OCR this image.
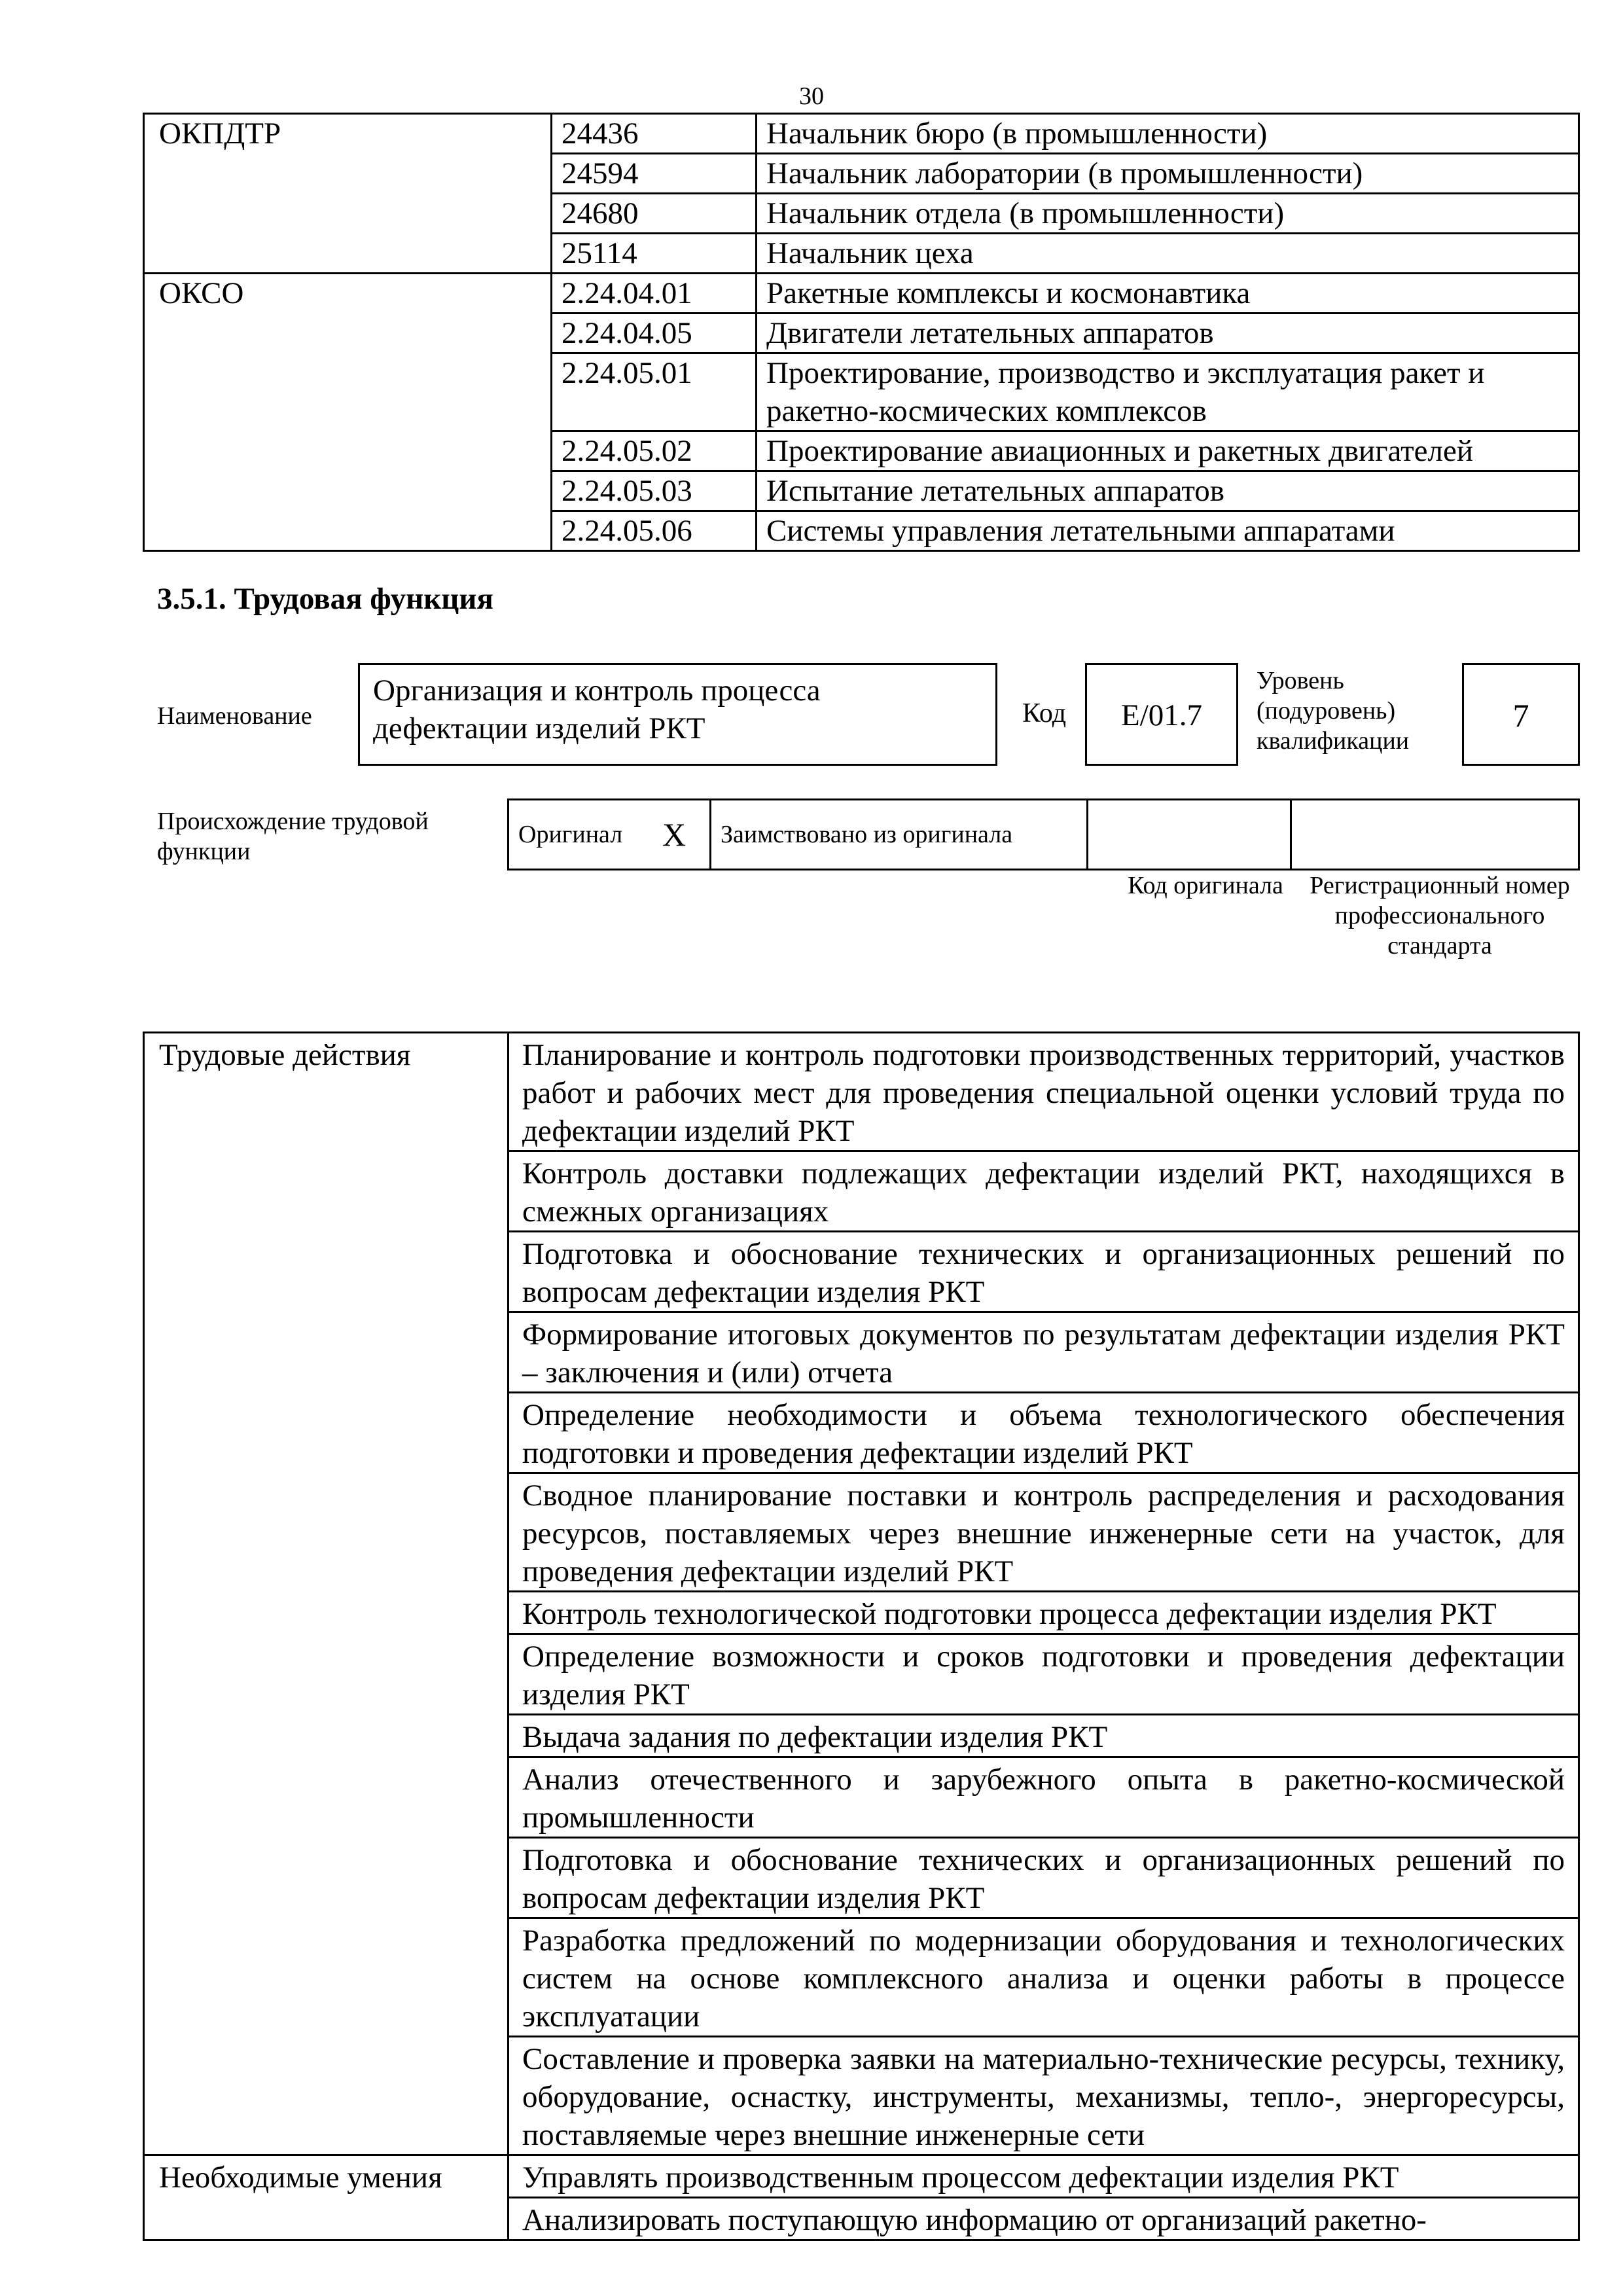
30
ОКПДТР	24436	Начальник бюро (в промышленности)
	24594	Начальник лаборатории (в промышленности)
	24680	Начальник отдела (в промышленности)
	25114	Начальник цеха
ОКСО	2.24.04.01	Ракетные комплексы и космонавтика
	2.24.04.05	Двигатели летательных аппаратов
	2.24.05.01	Проектирование, производство и эксплуатация ракет и ракетно-космических комплексов
	2.24.05.02	Проектирование авиационных и ракетных двигателей
	2.24.05.03	Испытание летательных аппаратов
	2.24.05.06	Системы управления летательными аппаратами
3.5.1. Трудовая функция
Наименование
Организация и контроль процесса дефектации изделий РКТ	Код	E/01.7
Уровень (подуровень) квалификации
7
Происхождение трудовой функции
Оригинал	X	Заимствовано из оригинала		
Код оригинала	Регистрационный номер профессионального стандарта
Трудовые действия	Планирование и контроль подготовки производственных территорий, участков работ и рабочих мест для проведения специальной оценки условий труда по дефектации изделий РКТ
	Контроль доставки подлежащих дефектации изделий РКТ, находящихся в смежных организациях
	Подготовка и обоснование технических и организационных решений по вопросам дефектации изделия РКТ
	Формирование итоговых документов по результатам дефектации изделия РКТ – заключения и (или) отчета
	Определение необходимости и объема технологического обеспечения подготовки и проведения дефектации изделий РКТ
	Сводное планирование поставки и контроль распределения и расходования ресурсов, поставляемых через внешние инженерные сети на участок, для проведения дефектации изделий РКТ
	Контроль технологической подготовки процесса дефектации изделия РКТ
	Определение возможности и сроков подготовки и проведения дефектации изделия РКТ
	Выдача задания по дефектации изделия РКТ
	Анализ отечественного и зарубежного опыта в ракетно-космической промышленности
	Подготовка и обоснование технических и организационных решений по вопросам дефектации изделия РКТ
	Разработка предложений по модернизации оборудования и технологических систем на основе комплексного анализа и оценки работы в процессе эксплуатации
	Составление и проверка заявки на материально-технические ресурсы, технику, оборудование, оснастку, инструменты, механизмы, тепло-, энергоресурсы, поставляемые через внешние инженерные сети
Необходимые умения	Управлять производственным процессом дефектации изделия РКТ
	Анализировать поступающую информацию от организаций ракетно-
